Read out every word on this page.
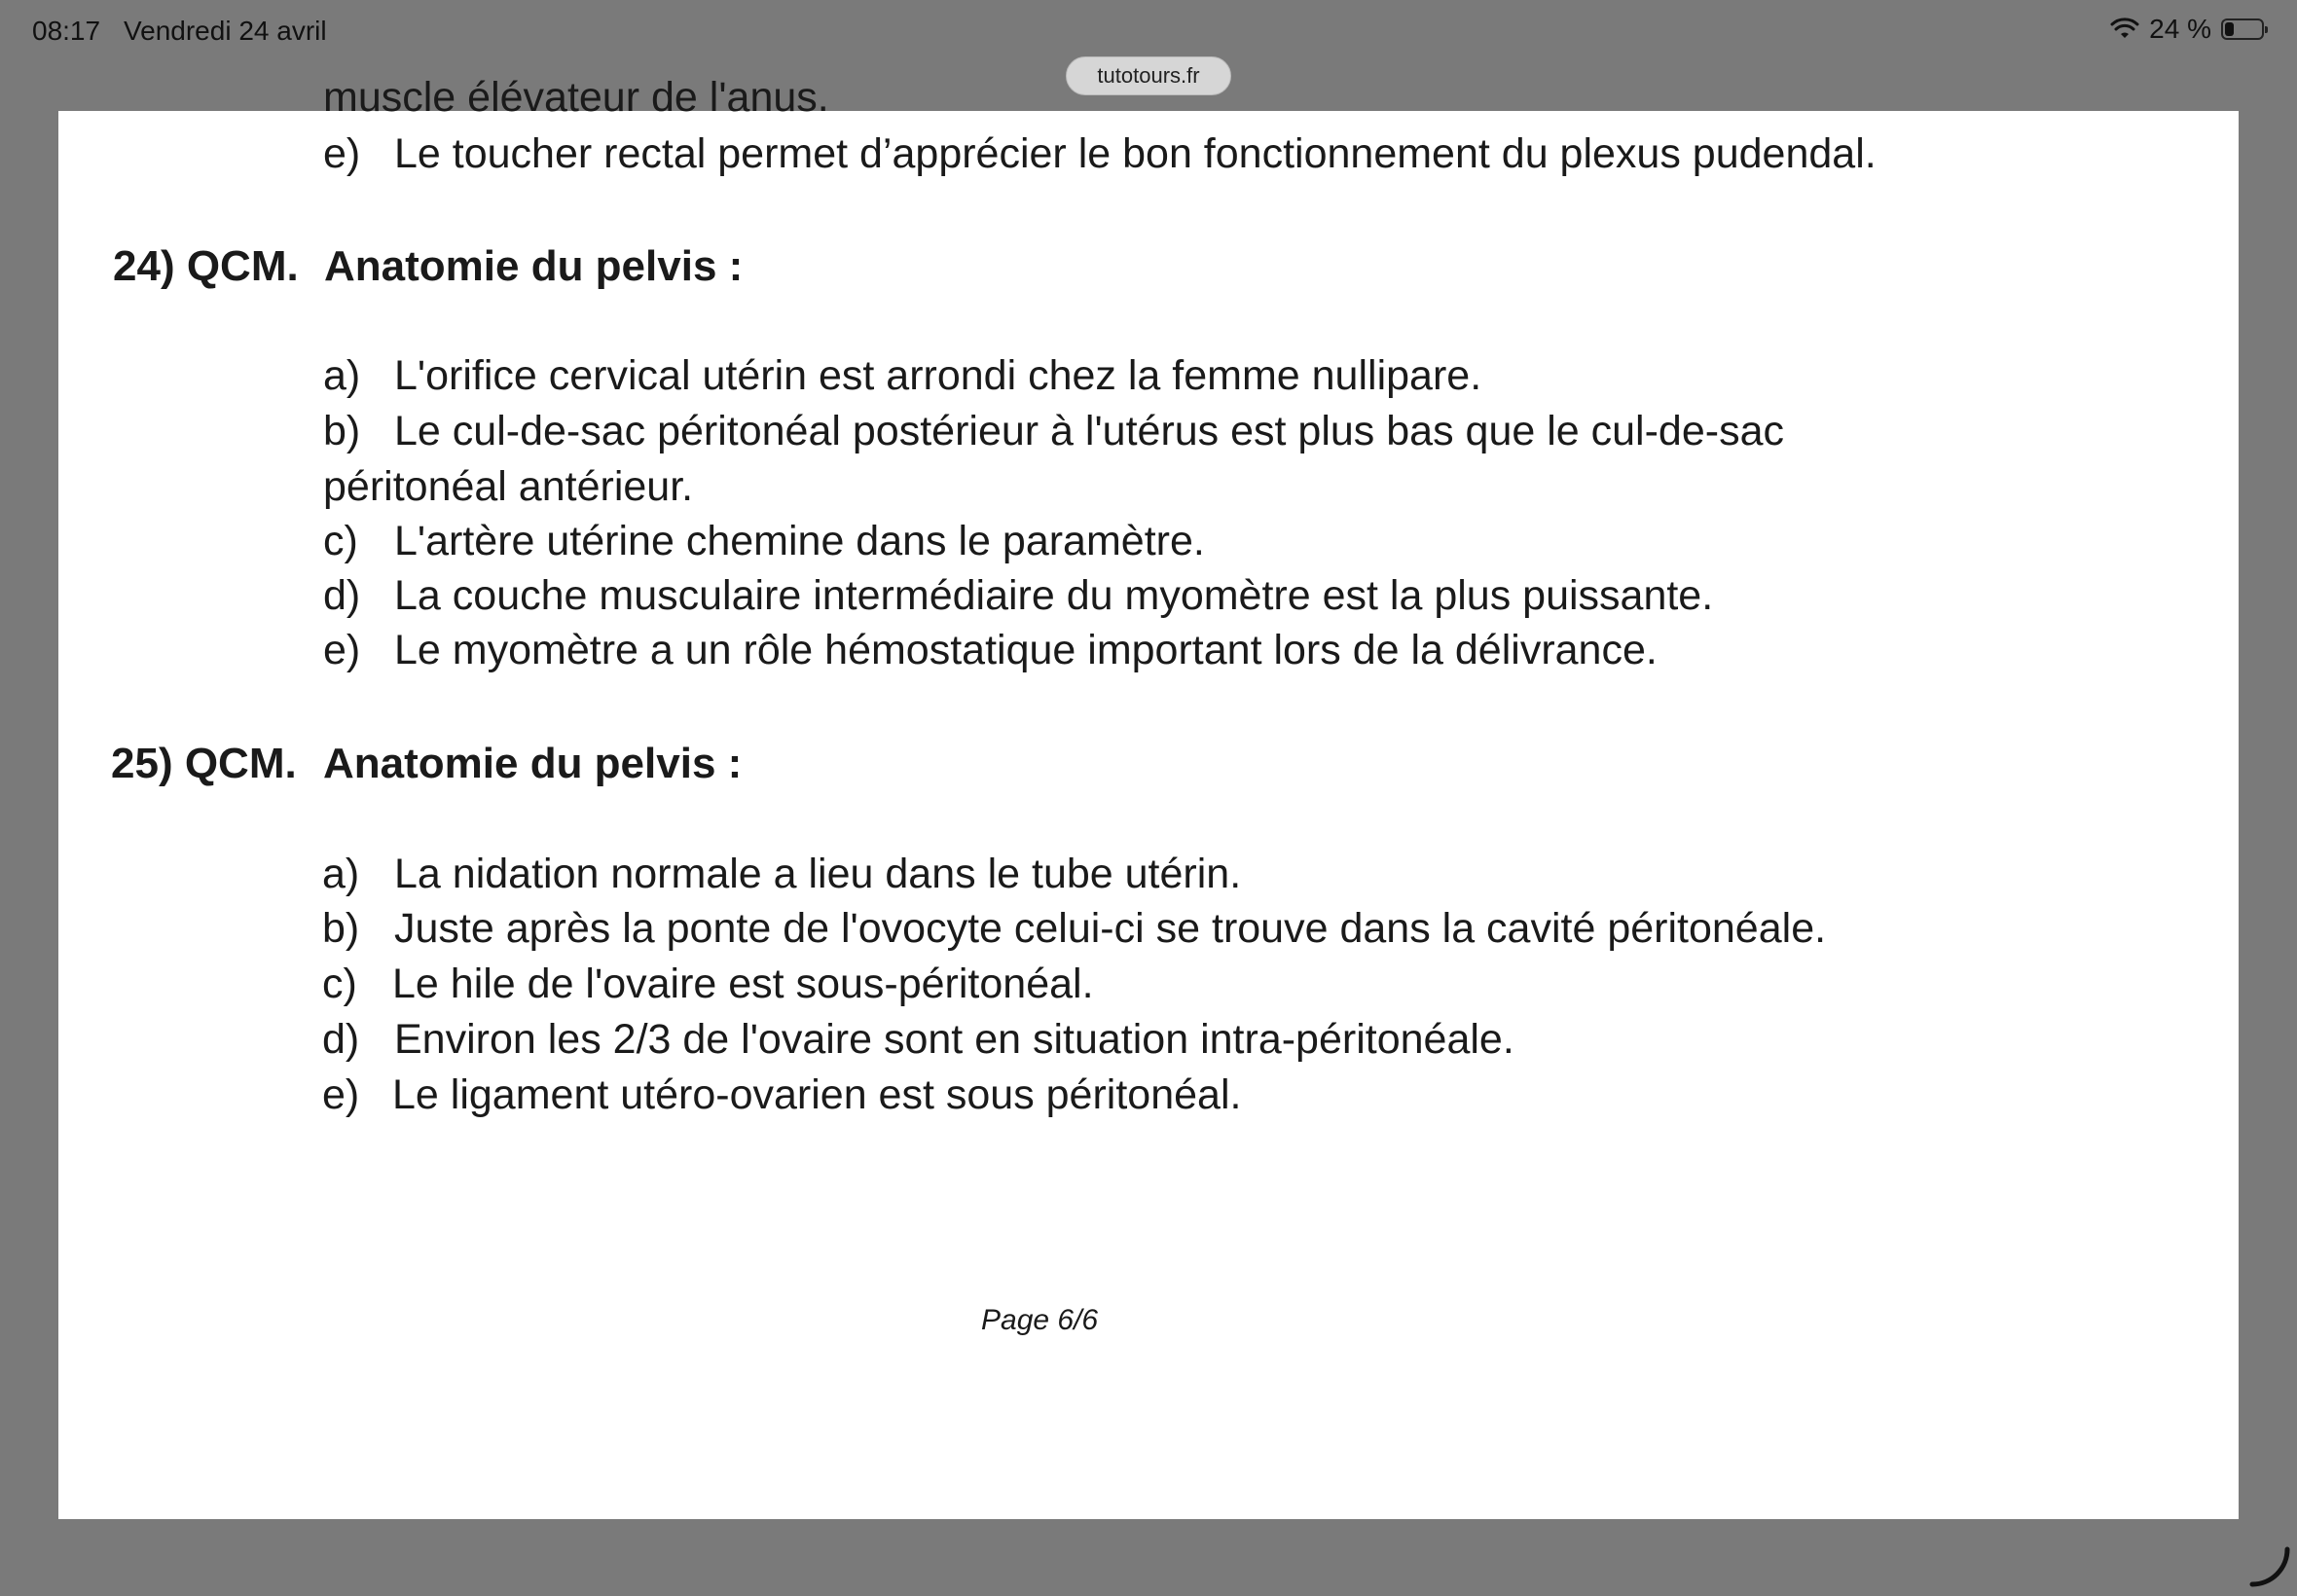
08:17 Vendredi 24 avril	24 %
tutotours.fr
muscle élévateur de l'anus.
e) Le toucher rectal permet d’apprécier le bon fonctionnement du plexus pudendal.
24) QCM. Anatomie du pelvis :
a) L'orifice cervical utérin est arrondi chez la femme nullipare.
b) Le cul-de-sac péritonéal postérieur à l'utérus est plus bas que le cul-de-sac
péritonéal antérieur.
c) L'artère utérine chemine dans le paramètre.
d) La couche musculaire intermédiaire du myomètre est la plus puissante.
e) Le myomètre a un rôle hémostatique important lors de la délivrance.
25) QCM. Anatomie du pelvis :
a) La nidation normale a lieu dans le tube utérin.
b) Juste après la ponte de l'ovocyte celui-ci se trouve dans la cavité péritonéale.
c) Le hile de l'ovaire est sous-péritonéal.
d) Environ les 2/3 de l'ovaire sont en situation intra-péritonéale.
e) Le ligament utéro-ovarien est sous péritonéal.
Page 6/6
